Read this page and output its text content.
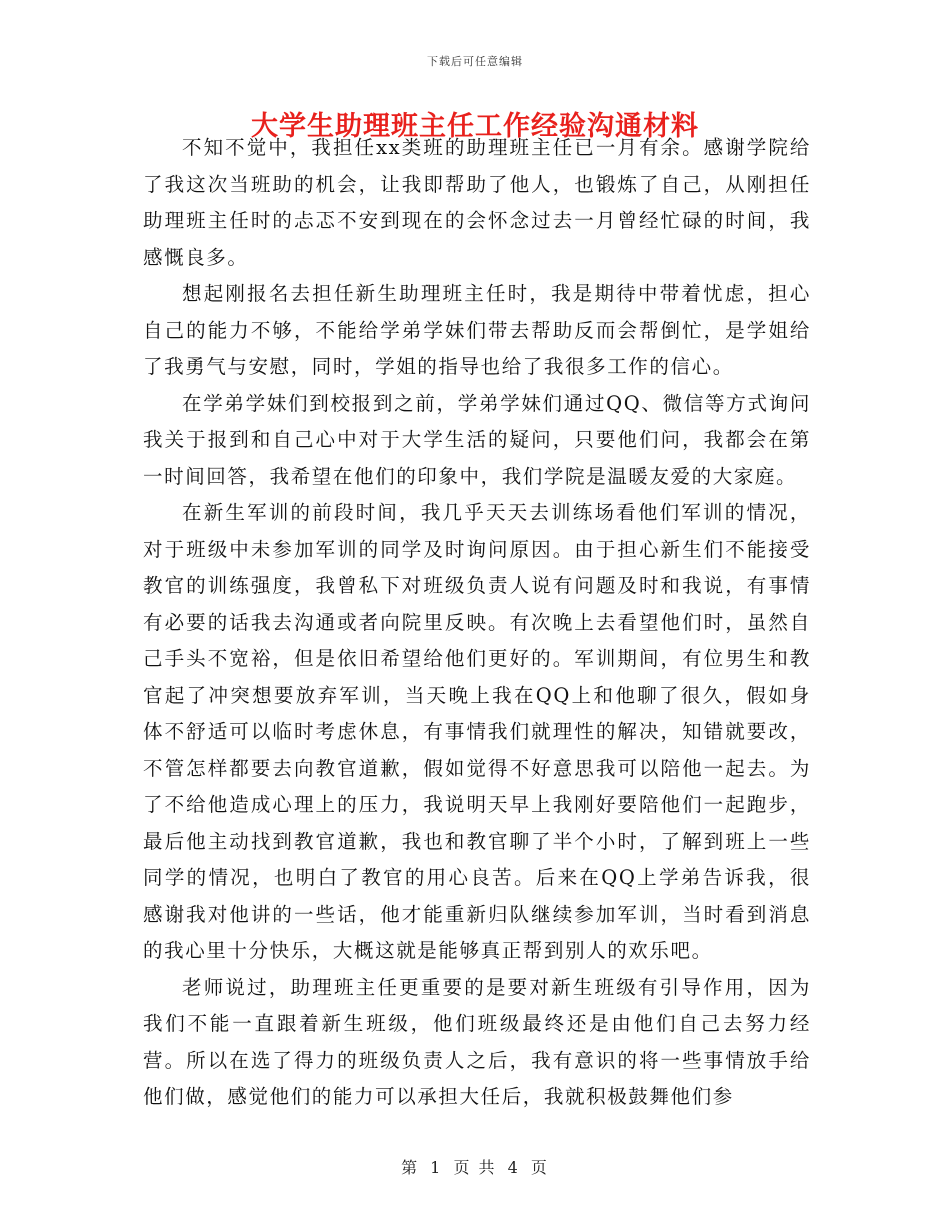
下载后可任意编辑
大学生助理班主任工作经验沟通材料

不知不觉中，我担任xx类班的助理班主任已一月有余。感谢学院给了我这次当班助的机会，让我即帮助了他人，也锻炼了自己，从刚担任助理班主任时的忐忑不安到现在的会怀念过去一月曾经忙碌的时间，我感慨良多。

想起刚报名去担任新生助理班主任时，我是期待中带着忧虑，担心自己的能力不够，不能给学弟学妹们带去帮助反而会帮倒忙，是学姐给了我勇气与安慰，同时，学姐的指导也给了我很多工作的信心。

在学弟学妹们到校报到之前，学弟学妹们通过QQ、微信等方式询问我关于报到和自己心中对于大学生活的疑问，只要他们问，我都会在第一时间回答，我希望在他们的印象中，我们学院是温暖友爱的大家庭。

在新生军训的前段时间，我几乎天天去训练场看他们军训的情况，对于班级中未参加军训的同学及时询问原因。由于担心新生们不能接受教官的训练强度，我曾私下对班级负责人说有问题及时和我说，有事情有必要的话我去沟通或者向院里反映。有次晚上去看望他们时，虽然自己手头不宽裕，但是依旧希望给他们更好的。军训期间，有位男生和教官起了冲突想要放弃军训，当天晚上我在QQ上和他聊了很久，假如身体不舒适可以临时考虑休息，有事情我们就理性的解决，知错就要改，不管怎样都要去向教官道歉，假如觉得不好意思我可以陪他一起去。为了不给他造成心理上的压力，我说明天早上我刚好要陪他们一起跑步，最后他主动找到教官道歉，我也和教官聊了半个小时，了解到班上一些同学的情况，也明白了教官的用心良苦。后来在QQ上学弟告诉我，很感谢我对他讲的一些话，他才能重新归队继续参加军训，当时看到消息的我心里十分快乐，大概这就是能够真正帮到别人的欢乐吧。

老师说过，助理班主任更重要的是要对新生班级有引导作用，因为我们不能一直跟着新生班级，他们班级最终还是由他们自己去努力经营。所以在选了得力的班级负责人之后，我有意识的将一些事情放手给他们做，感觉他们的能力可以承担大任后，我就积极鼓舞他们参

第 1 页 共 4 页
